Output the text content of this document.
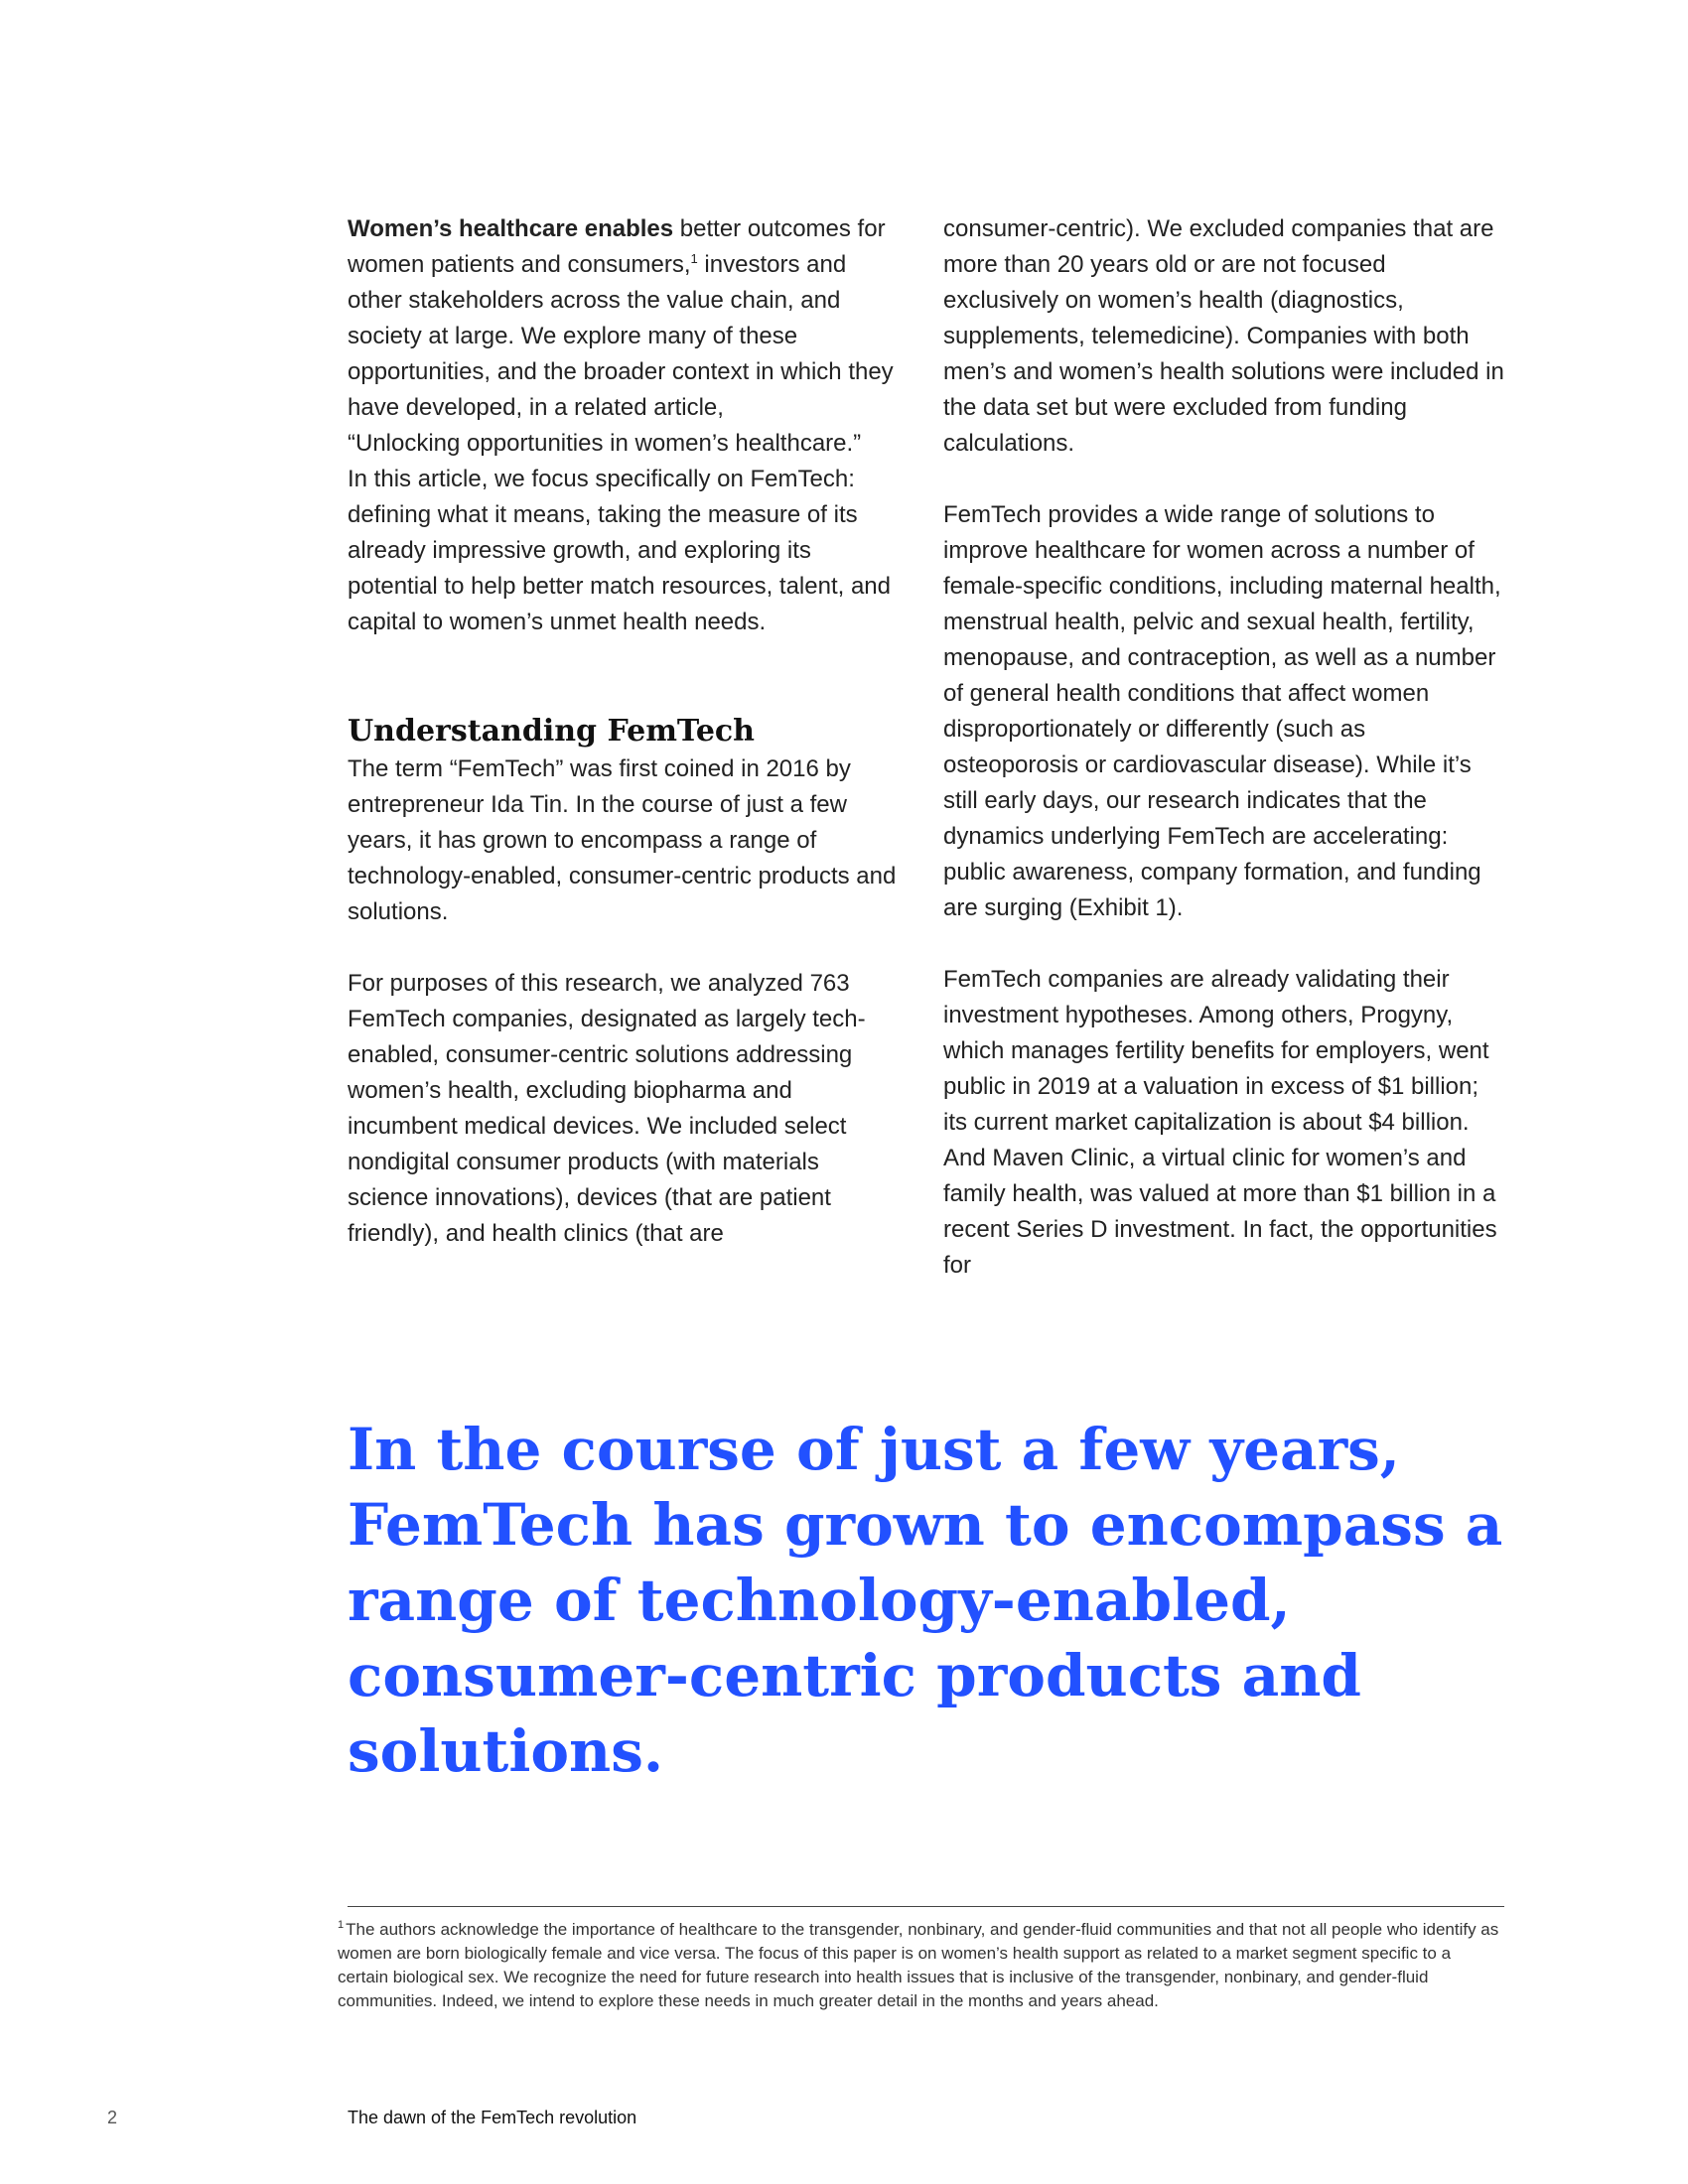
Women’s healthcare enables better outcomes for women patients and consumers,$^1$ investors and other stakeholders across the value chain, and society at large. We explore many of these opportunities, and the broader context in which they have developed, in a related article,

“Unlocking opportunities in women’s healthcare.”

In this article, we focus specifically on FemTech: defining what it means, taking the measure of its already impressive growth, and exploring its potential to help better match resources, talent, and capital to women’s unmet health needs.

Understanding FemTech

The term “FemTech” was first coined in 2016 by entrepreneur Ida Tin. In the course of just a few years, it has grown to encompass a range of technology-enabled, consumer-centric products and solutions.

For purposes of this research, we analyzed 763 FemTech companies, designated as largely tech-enabled, consumer-centric solutions addressing women’s health, excluding biopharma and incumbent medical devices. We included select nondigital consumer products (with materials science innovations), devices (that are patient friendly), and health clinics (that are

consumer-centric). We excluded companies that are more than 20 years old or are not focused exclusively on women’s health (diagnostics, supplements, telemedicine). Companies with both men’s and women’s health solutions were included in the data set but were excluded from funding calculations.

FemTech provides a wide range of solutions to improve healthcare for women across a number of female-specific conditions, including maternal health, menstrual health, pelvic and sexual health, fertility, menopause, and contraception, as well as a number of general health conditions that affect women disproportionately or differently (such as osteoporosis or cardiovascular disease). While it’s still early days, our research indicates that the dynamics underlying FemTech are accelerating: public awareness, company formation, and funding are surging (Exhibit 1).

FemTech companies are already validating their investment hypotheses. Among others, Progyny, which manages fertility benefits for employers, went public in 2019 at a valuation in excess of $1 billion; its current market capitalization is about $4 billion. And Maven Clinic, a virtual clinic for women’s and family health, was valued at more than $1 billion in a recent Series D investment. In fact, the opportunities for

In the course of just a few years, FemTech has grown to encompass a range of technology-enabled, consumer-centric products and solutions.

$^1$ The authors acknowledge the importance of healthcare to the transgender, nonbinary, and gender-fluid communities and that not all people who identify as women are born biologically female and vice versa. The focus of this paper is on women’s health support as related to a market segment specific to a certain biological sex. We recognize the need for future research into health issues that is inclusive of the transgender, nonbinary, and gender-fluid communities. Indeed, we intend to explore these needs in much greater detail in the months and years ahead.

2	The dawn of the FemTech revolution
